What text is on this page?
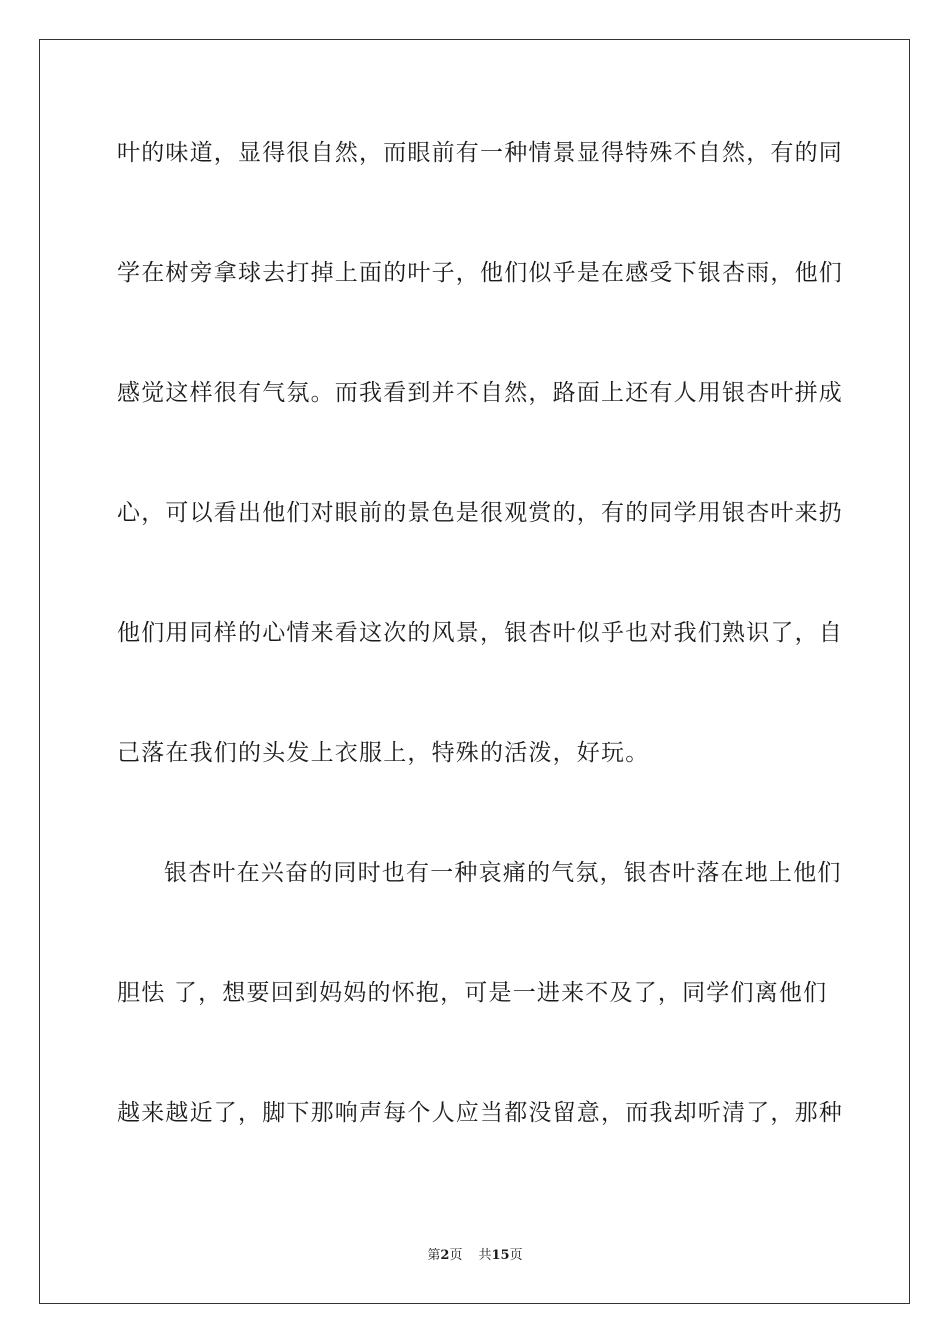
叶的味道，显得很自然，而眼前有一种情景显得特殊不自然，有的同
学在树旁拿球去打掉上面的叶子，他们似乎是在感受下银杏雨，他们
感觉这样很有气氛。而我看到并不自然，路面上还有人用银杏叶拼成
心，可以看出他们对眼前的景色是很观赏的，有的同学用银杏叶来扔
他们用同样的心情来看这次的风景，银杏叶似乎也对我们熟识了，自
己落在我们的头发上衣服上，特殊的活泼，好玩。
银杏叶在兴奋的同时也有一种哀痛的气氛，银杏叶落在地上他们
胆怯 了，想要回到妈妈的怀抱，可是一进来不及了，同学们离他们
越来越近了，脚下那响声每个人应当都没留意，而我却听清了，那种
第2页 共15页
